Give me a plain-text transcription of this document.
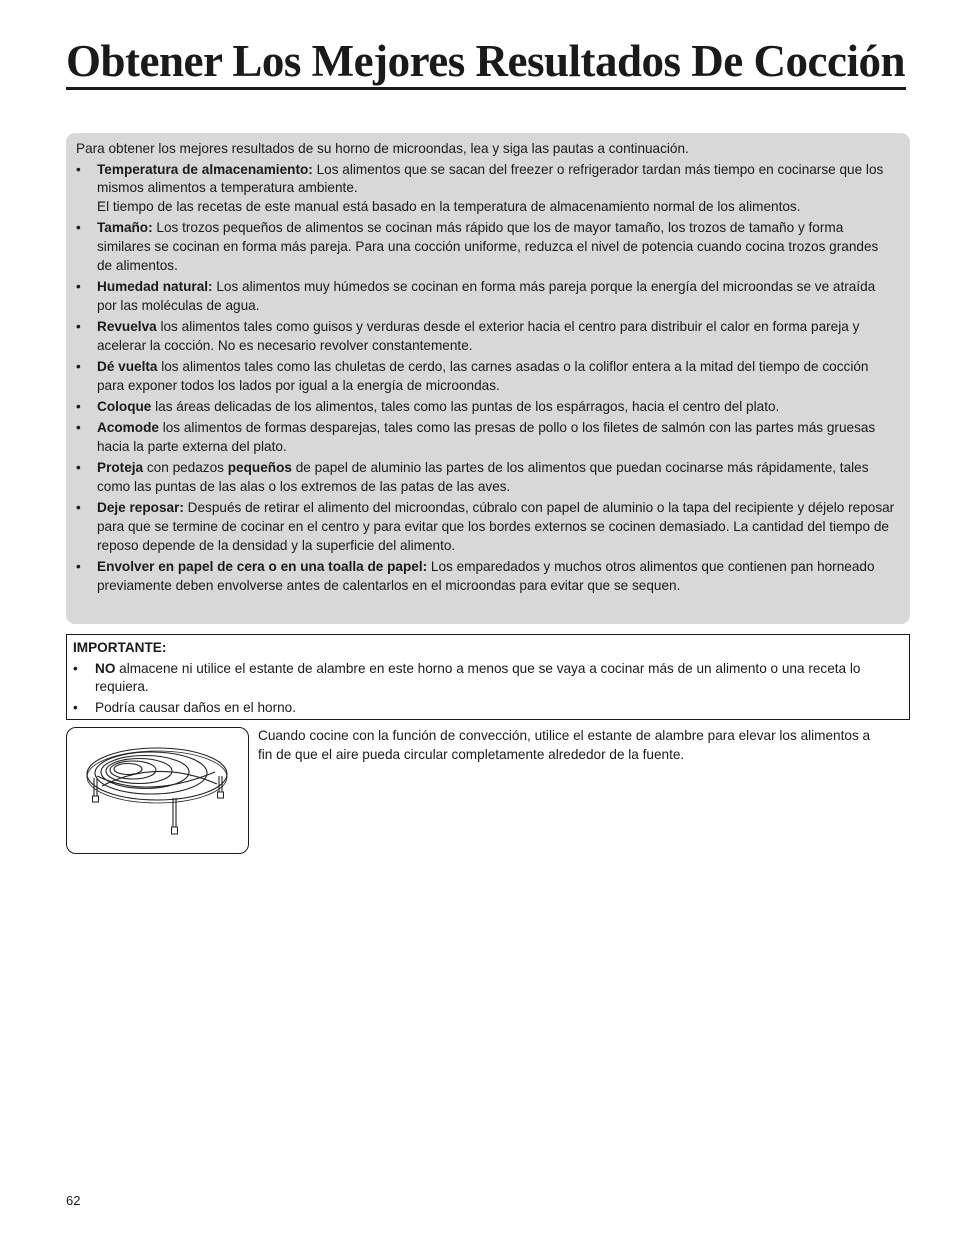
Obtener Los Mejores Resultados De Cocción

Para obtener los mejores resultados de su horno de microondas, lea y siga las pautas a continuación.

• Temperatura de almacenamiento: Los alimentos que se sacan del freezer o refrigerador tardan más tiempo en cocinarse que los mismos alimentos a temperatura ambiente.
El tiempo de las recetas de este manual está basado en la temperatura de almacenamiento normal de los alimentos.
• Tamaño: Los trozos pequeños de alimentos se cocinan más rápido que los de mayor tamaño, los trozos de tamaño y forma similares se cocinan en forma más pareja. Para una cocción uniforme, reduzca el nivel de potencia cuando cocina trozos grandes de alimentos.
• Humedad natural: Los alimentos muy húmedos se cocinan en forma más pareja porque la energía del microondas se ve atraída por las moléculas de agua.
• Revuelva los alimentos tales como guisos y verduras desde el exterior hacia el centro para distribuir el calor en forma pareja y acelerar la cocción. No es necesario revolver constantemente.
• Dé vuelta los alimentos tales como las chuletas de cerdo, las carnes asadas o la coliflor entera a la mitad del tiempo de cocción para exponer todos los lados por igual a la energía de microondas.
• Coloque las áreas delicadas de los alimentos, tales como las puntas de los espárragos, hacia el centro del plato.
• Acomode los alimentos de formas desparejas, tales como las presas de pollo o los filetes de salmón con las partes más gruesas hacia la parte externa del plato.
• Proteja con pedazos pequeños de papel de aluminio las partes de los alimentos que puedan cocinarse más rápidamente, tales como las puntas de las alas o los extremos de las patas de las aves.
• Deje reposar: Después de retirar el alimento del microondas, cúbralo con papel de aluminio o la tapa del recipiente y déjelo reposar para que se termine de cocinar en el centro y para evitar que los bordes externos se cocinen demasiado. La cantidad del tiempo de reposo depende de la densidad y la superficie del alimento.
• Envolver en papel de cera o en una toalla de papel: Los emparedados y muchos otros alimentos que contienen pan horneado previamente deben envolverse antes de calentarlos en el microondas para evitar que se sequen.

IMPORTANTE:

• NO almacene ni utilice el estante de alambre en este horno a menos que se vaya a cocinar más de un alimento o una receta lo requiera.
• Podría causar daños en el horno.
Cuando cocine con la función de convección, utilice el estante de alambre para elevar los alimentos a fin de que el aire pueda circular completamente alrededor de la fuente.
62
